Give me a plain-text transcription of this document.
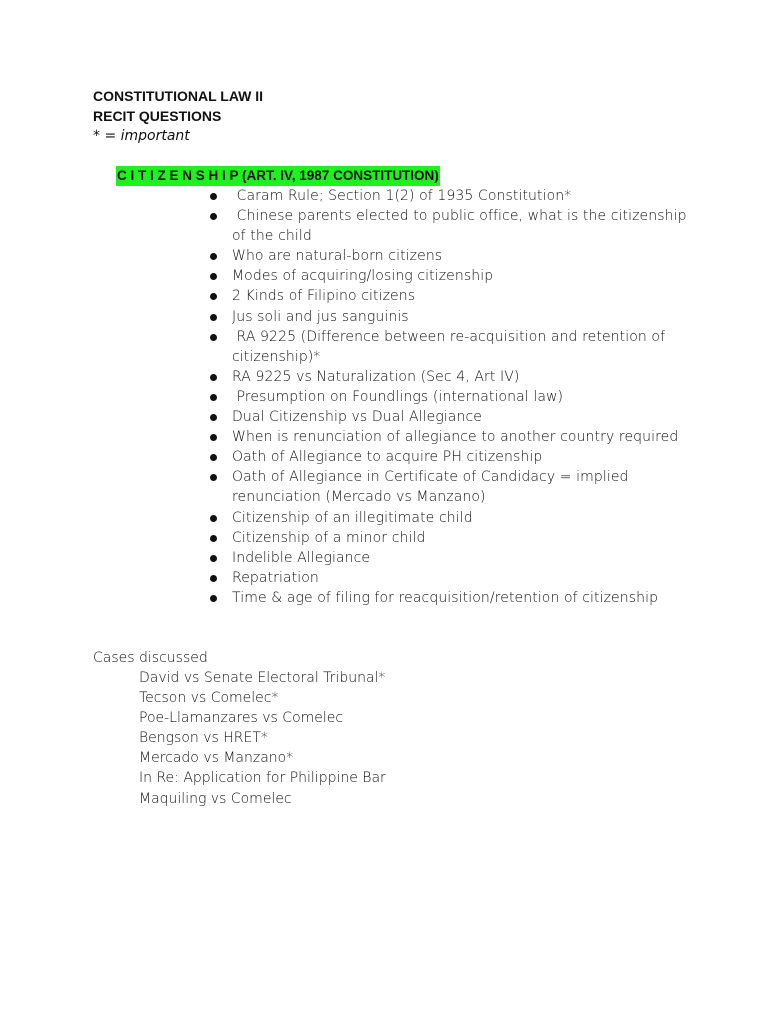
CONSTITUTIONAL LAW II
RECIT QUESTIONS
* = important
C I T I Z E N S H I P (ART. IV, 1987 CONSTITUTION)
Caram Rule; Section 1(2) of 1935 Constitution*
Chinese parents elected to public office, what is the citizenship of the child
Who are natural-born citizens
Modes of acquiring/losing citizenship
2 Kinds of Filipino citizens
Jus soli and jus sanguinis
RA 9225 (Difference between re-acquisition and retention of citizenship)*
RA 9225 vs Naturalization (Sec 4, Art IV)
Presumption on Foundlings (international law)
Dual Citizenship vs Dual Allegiance
When is renunciation of allegiance to another country required
Oath of Allegiance to acquire PH citizenship
Oath of Allegiance in Certificate of Candidacy = implied renunciation (Mercado vs Manzano)
Citizenship of an illegitimate child
Citizenship of a minor child
Indelible Allegiance
Repatriation
Time & age of filing for reacquisition/retention of citizenship
Cases discussed
David vs Senate Electoral Tribunal*
Tecson vs Comelec*
Poe-Llamanzares vs Comelec
Bengson vs HRET*
Mercado vs Manzano*
In Re: Application for Philippine Bar
Maquiling vs Comelec
